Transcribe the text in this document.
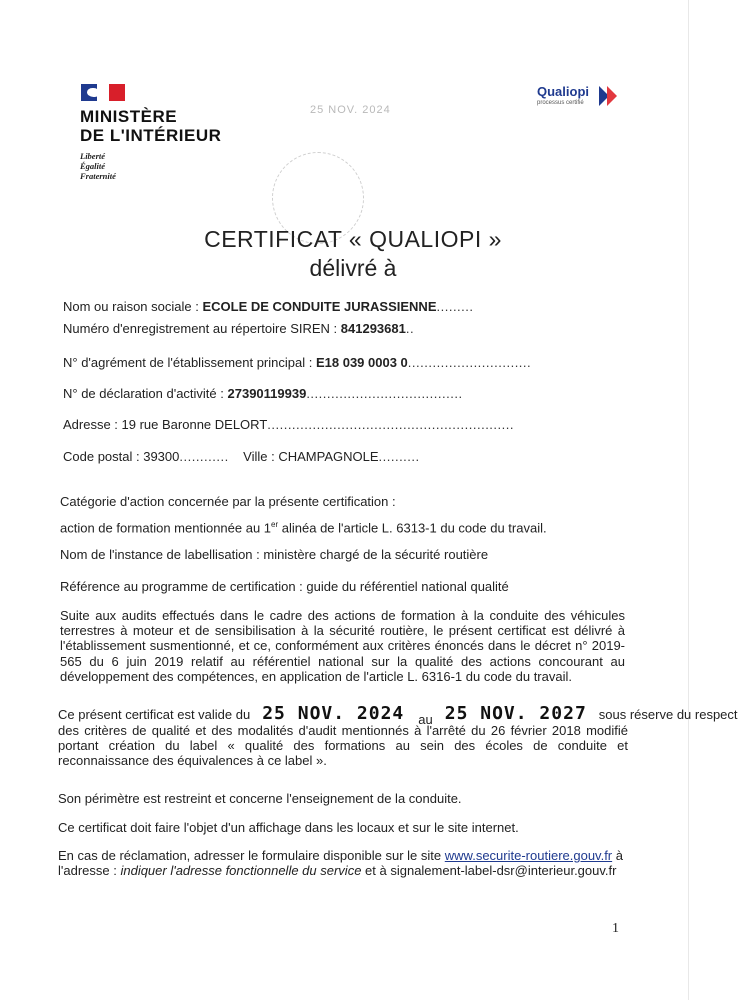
MINISTÈRE
DE L'INTÉRIEUR
Liberté
Égalité
Fraternité
Qualiopi
processus certifié
25 NOV. 2024
CERTIFICAT « QUALIOPI »
délivré à
Nom ou raison sociale : ECOLE DE CONDUITE JURASSIENNE.........
Numéro d'enregistrement au répertoire SIREN : 841293681..
N° d'agrément de l'établissement principal : E18 039 0003 0..............................
N° de déclaration d'activité : 27390119939......................................
Adresse : 19 rue Baronne DELORT............................................................
Code postal : 39300............ Ville : CHAMPAGNOLE..........
Catégorie d'action concernée par la présente certification :
action de formation mentionnée au 1er alinéa de l'article L. 6313-1 du code du travail.
Nom de l'instance de labellisation : ministère chargé de la sécurité routière
Référence au programme de certification : guide du référentiel national qualité
Suite aux audits effectués dans le cadre des actions de formation à la conduite des véhicules terrestres à moteur et de sensibilisation à la sécurité routière, le présent certificat est délivré à l'établissement susmentionné, et ce, conformément aux critères énoncés dans le décret n° 2019-565 du 6 juin 2019 relatif au référentiel national sur la qualité des actions concourant au développement des compétences, en application de l'article L. 6316-1 du code du travail.
Ce présent certificat est valide du 25 NOV. 2024 au 25 NOV. 2027 sous réserve du respect
des critères de qualité et des modalités d'audit mentionnés à l'arrêté du 26 février 2018 modifié portant création du label « qualité des formations au sein des écoles de conduite et reconnaissance des équivalences à ce label ».
Son périmètre est restreint et concerne l'enseignement de la conduite.
Ce certificat doit faire l'objet d'un affichage dans les locaux et sur le site internet.
En cas de réclamation, adresser le formulaire disponible sur le site www.securite-routiere.gouv.fr à l'adresse : indiquer l'adresse fonctionnelle du service et à signalement-label-dsr@interieur.gouv.fr
1
